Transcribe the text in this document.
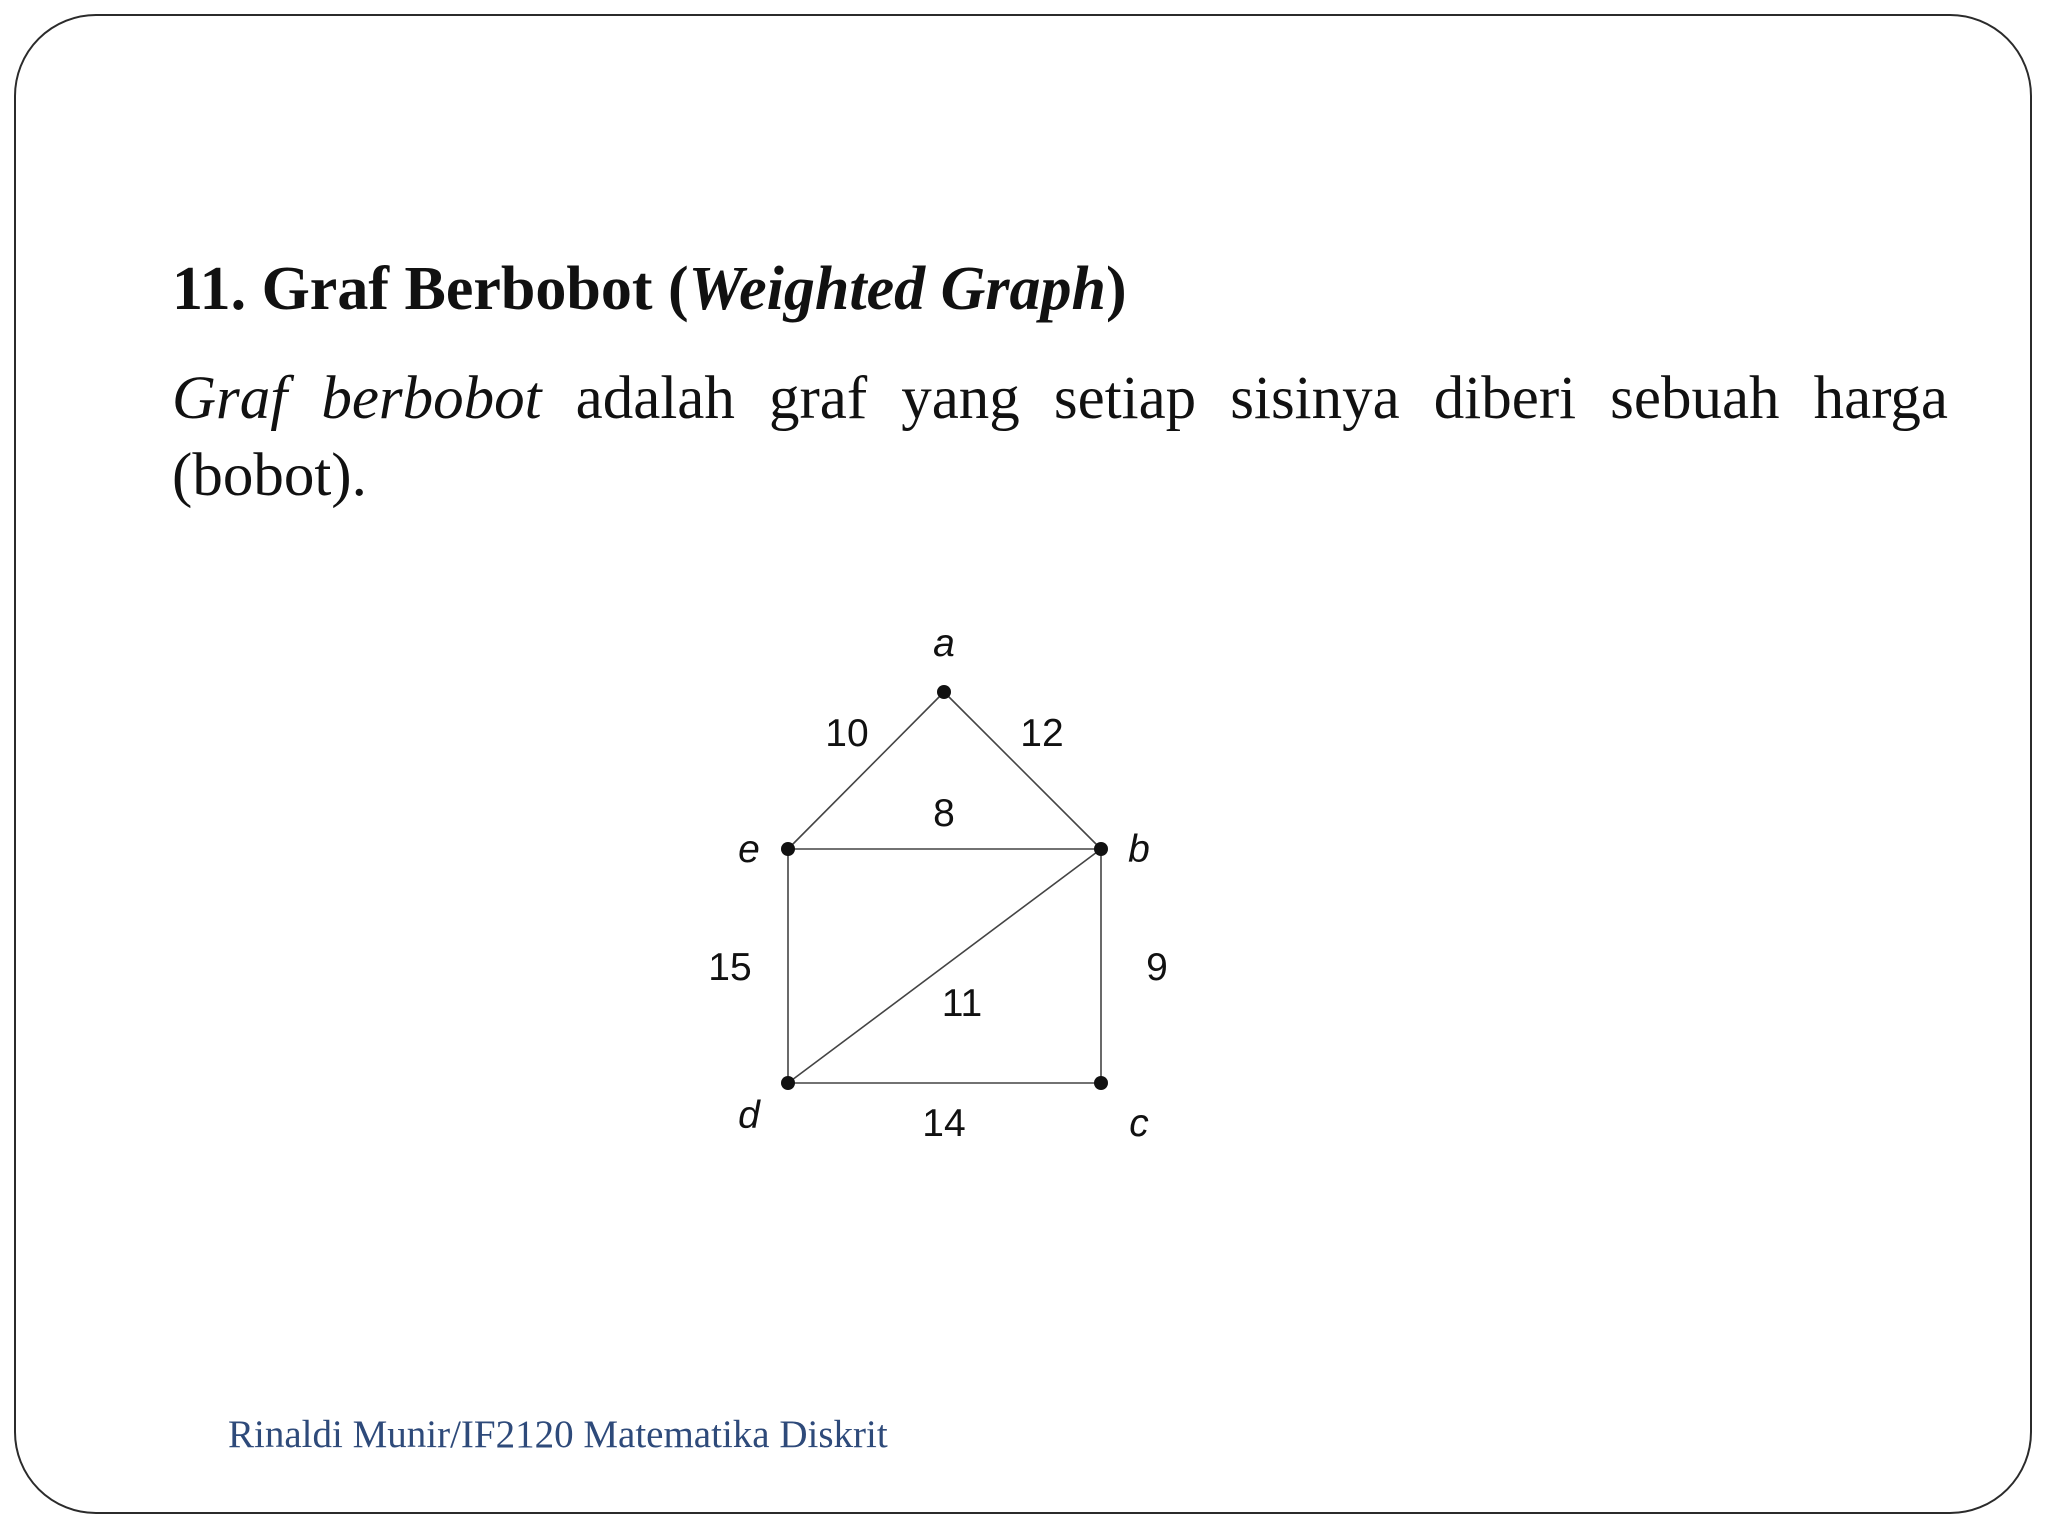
11. Graf Berbobot (Weighted Graph)
Graf berbobot adalah graf yang setiap sisinya diberi sebuah harga (bobot).
10	12
8
15
11
9
14
a
b
c
d
e
Rinaldi Munir/IF2120 Matematika Diskrit
